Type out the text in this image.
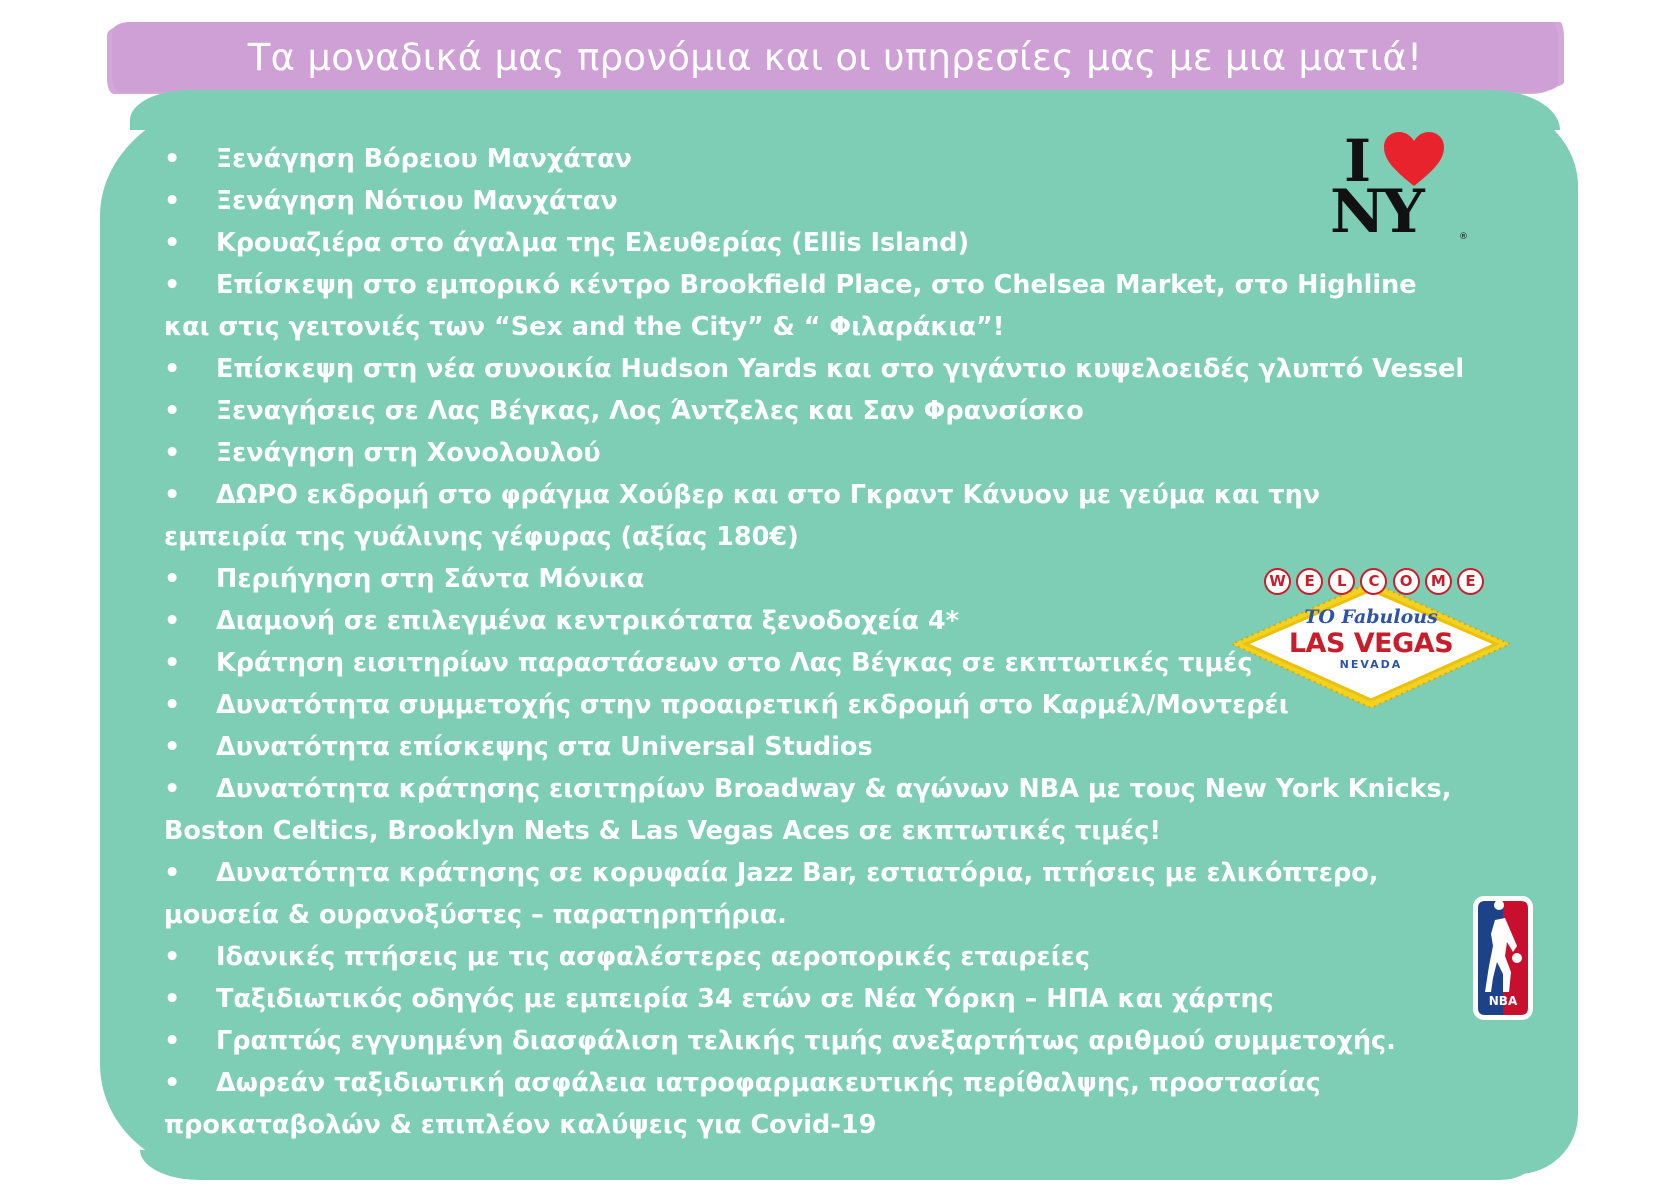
Τα μοναδικά μας προνόμια και οι υπηρεσίες μας με μια ματιά!
• Ξενάγηση Βόρειου Μανχάταν
• Ξενάγηση Νότιου Μανχάταν
• Κρουαζιέρα στο άγαλμα της Ελευθερίας (Ellis Island)
• Επίσκεψη στο εμπορικό κέντρο Brookfield Place, στο Chelsea Market, στο Highline και στις γειτονιές των “Sex and the City” & “ Φιλαράκια”!
• Επίσκεψη στη νέα συνοικία Hudson Yards και στο γιγάντιο κυψελοειδές γλυπτό Vessel
• Ξεναγήσεις σε Λας Βέγκας, Λος Άντζελες και Σαν Φρανσίσκο
• Ξενάγηση στη Χονολουλού
• ΔΩΡΟ εκδρομή στο φράγμα Χούβερ και στο Γκραντ Κάνυον με γεύμα και την εμπειρία της γυάλινης γέφυρας (αξίας 180€)
• Περιήγηση στη Σάντα Μόνικα
• Διαμονή σε επιλεγμένα κεντρικότατα ξενοδοχεία 4*
• Κράτηση εισιτηρίων παραστάσεων στο Λας Βέγκας σε εκπτωτικές τιμές
• Δυνατότητα συμμετοχής στην προαιρετική εκδρομή στο Καρμέλ/Μοντερέι
• Δυνατότητα επίσκεψης στα Universal Studios
• Δυνατότητα κράτησης εισιτηρίων Broadway & αγώνων NBA με τους New York Knicks, Boston Celtics, Brooklyn Nets & Las Vegas Aces σε εκπτωτικές τιμές!
• Δυνατότητα κράτησης σε κορυφαία Jazz Bar, εστιατόρια, πτήσεις με ελικόπτερο, μουσεία & ουρανοξύστες – παρατηρητήρια.
• Ιδανικές πτήσεις με τις ασφαλέστερες αεροπορικές εταιρείες
• Ταξιδιωτικός οδηγός με εμπειρία 34 ετών σε Νέα Υόρκη – ΗΠΑ και χάρτης
• Γραπτώς εγγυημένη διασφάλιση τελικής τιμής ανεξαρτήτως αριθμού συμμετοχής.
• Δωρεάν ταξιδιωτική ασφάλεια ιατροφαρμακευτικής περίθαλψης, προστασίας προκαταβολών & επιπλέον καλύψεις για Covid-19
I
NY	®
W	E	L	C	O	M	E
TO Fabulous
LAS VEGAS
NEVADA
NBA
